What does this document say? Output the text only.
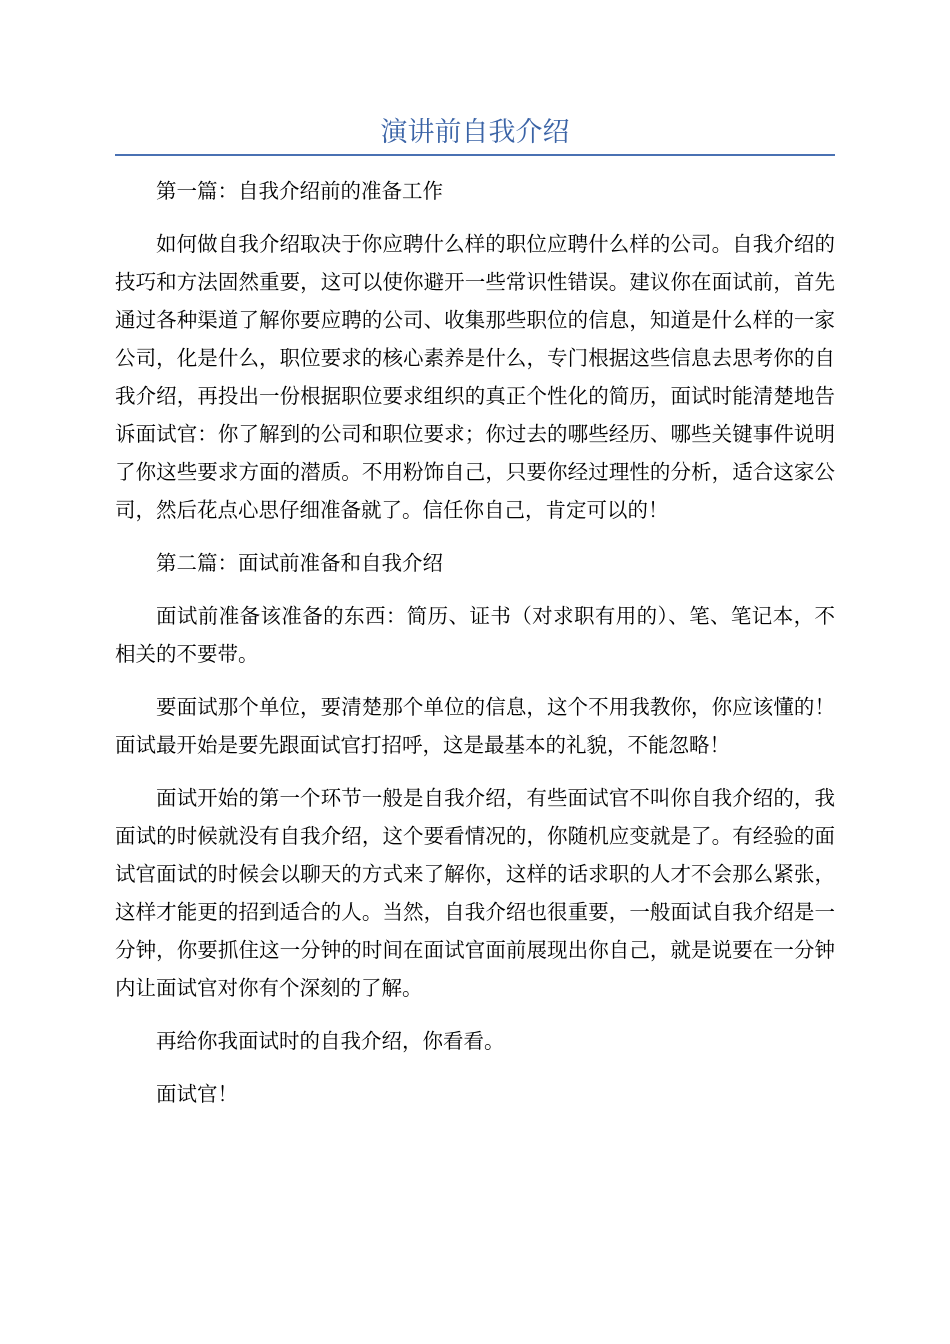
演讲前自我介绍

第一篇：自我介绍前的准备工作

如何做自我介绍取决于你应聘什么样的职位应聘什么样的公司。自我介绍的技巧和方法固然重要，这可以使你避开一些常识性错误。建议你在面试前，首先通过各种渠道了解你要应聘的公司、收集那些职位的信息，知道是什么样的一家公司，化是什么，职位要求的核心素养是什么，专门根据这些信息去思考你的自我介绍，再投出一份根据职位要求组织的真正个性化的简历，面试时能清楚地告诉面试官：你了解到的公司和职位要求；你过去的哪些经历、哪些关键事件说明了你这些要求方面的潜质。不用粉饰自己，只要你经过理性的分析，适合这家公司，然后花点心思仔细准备就了。信任你自己，肯定可以的！

第二篇：面试前准备和自我介绍

面试前准备该准备的东西：简历、证书（对求职有用的）、笔、笔记本，不相关的不要带。

要面试那个单位，要清楚那个单位的信息，这个不用我教你，你应该懂的！面试最开始是要先跟面试官打招呼，这是最基本的礼貌，不能忽略！

面试开始的第一个环节一般是自我介绍，有些面试官不叫你自我介绍的，我面试的时候就没有自我介绍，这个要看情况的，你随机应变就是了。有经验的面试官面试的时候会以聊天的方式来了解你，这样的话求职的人才不会那么紧张，这样才能更的招到适合的人。当然，自我介绍也很重要，一般面试自我介绍是一分钟，你要抓住这一分钟的时间在面试官面前展现出你自己，就是说要在一分钟内让面试官对你有个深刻的了解。

再给你我面试时的自我介绍，你看看。

面试官！
